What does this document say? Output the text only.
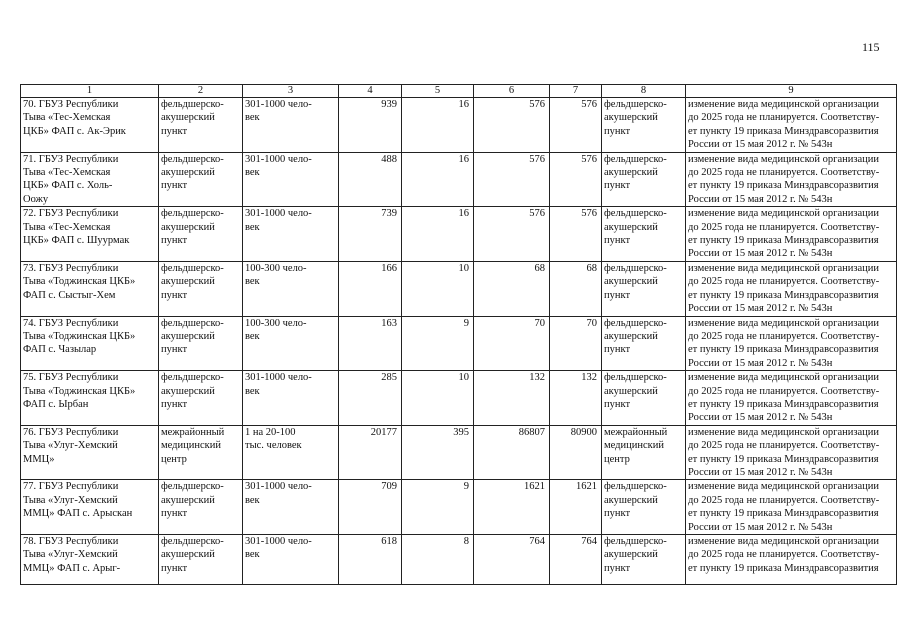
115
1	2	3	4	5	6	7	8	9
70. ГБУЗ Республики
Тыва «Тес-Хемская
ЦКБ» ФАП с. Ак-Эрик	фельдшерско-
акушерский
пункт	301-1000 чело-
век	939	16	576	576	фельдшерско-
акушерский
пункт	изменение вида медицинской организации
до 2025 года не планируется. Соответству-
ет пункту 19 приказа Минздравсоразвития
России от 15 мая 2012 г. № 543н
71. ГБУЗ Республики
Тыва «Тес-Хемская
ЦКБ» ФАП с. Холь-
Оожу	фельдшерско-
акушерский
пункт	301-1000 чело-
век	488	16	576	576	фельдшерско-
акушерский
пункт	изменение вида медицинской организации
до 2025 года не планируется. Соответству-
ет пункту 19 приказа Минздравсоразвития
России от 15 мая 2012 г. № 543н
72. ГБУЗ Республики
Тыва «Тес-Хемская
ЦКБ» ФАП с. Шуурмак	фельдшерско-
акушерский
пункт	301-1000 чело-
век	739	16	576	576	фельдшерско-
акушерский
пункт	изменение вида медицинской организации
до 2025 года не планируется. Соответству-
ет пункту 19 приказа Минздравсоразвития
России от 15 мая 2012 г. № 543н
73. ГБУЗ Республики
Тыва «Тоджинская ЦКБ»
ФАП с. Сыстыг-Хем	фельдшерско-
акушерский
пункт	100-300 чело-
век	166	10	68	68	фельдшерско-
акушерский
пункт	изменение вида медицинской организации
до 2025 года не планируется. Соответству-
ет пункту 19 приказа Минздравсоразвития
России от 15 мая 2012 г. № 543н
74. ГБУЗ Республики
Тыва «Тоджинская ЦКБ»
ФАП с. Чазылар	фельдшерско-
акушерский
пункт	100-300 чело-
век	163	9	70	70	фельдшерско-
акушерский
пункт	изменение вида медицинской организации
до 2025 года не планируется. Соответству-
ет пункту 19 приказа Минздравсоразвития
России от 15 мая 2012 г. № 543н
75. ГБУЗ Республики
Тыва «Тоджинская ЦКБ»
ФАП с. Ырбан	фельдшерско-
акушерский
пункт	301-1000 чело-
век	285	10	132	132	фельдшерско-
акушерский
пункт	изменение вида медицинской организации
до 2025 года не планируется. Соответству-
ет пункту 19 приказа Минздравсоразвития
России от 15 мая 2012 г. № 543н
76. ГБУЗ Республики
Тыва «Улуг-Хемский
ММЦ»	межрайонный
медицинский
центр	1 на 20-100
тыс. человек	20177	395	86807	80900	межрайонный
медицинский
центр	изменение вида медицинской организации
до 2025 года не планируется. Соответству-
ет пункту 19 приказа Минздравсоразвития
России от 15 мая 2012 г. № 543н
77. ГБУЗ Республики
Тыва «Улуг-Хемский
ММЦ» ФАП с. Арыскан	фельдшерско-
акушерский
пункт	301-1000 чело-
век	709	9	1621	1621	фельдшерско-
акушерский
пункт	изменение вида медицинской организации
до 2025 года не планируется. Соответству-
ет пункту 19 приказа Минздравсоразвития
России от 15 мая 2012 г. № 543н
78. ГБУЗ Республики
Тыва «Улуг-Хемский
ММЦ» ФАП с. Арыг-	фельдшерско-
акушерский
пункт	301-1000 чело-
век	618	8	764	764	фельдшерско-
акушерский
пункт	изменение вида медицинской организации
до 2025 года не планируется. Соответству-
ет пункту 19 приказа Минздравсоразвития
